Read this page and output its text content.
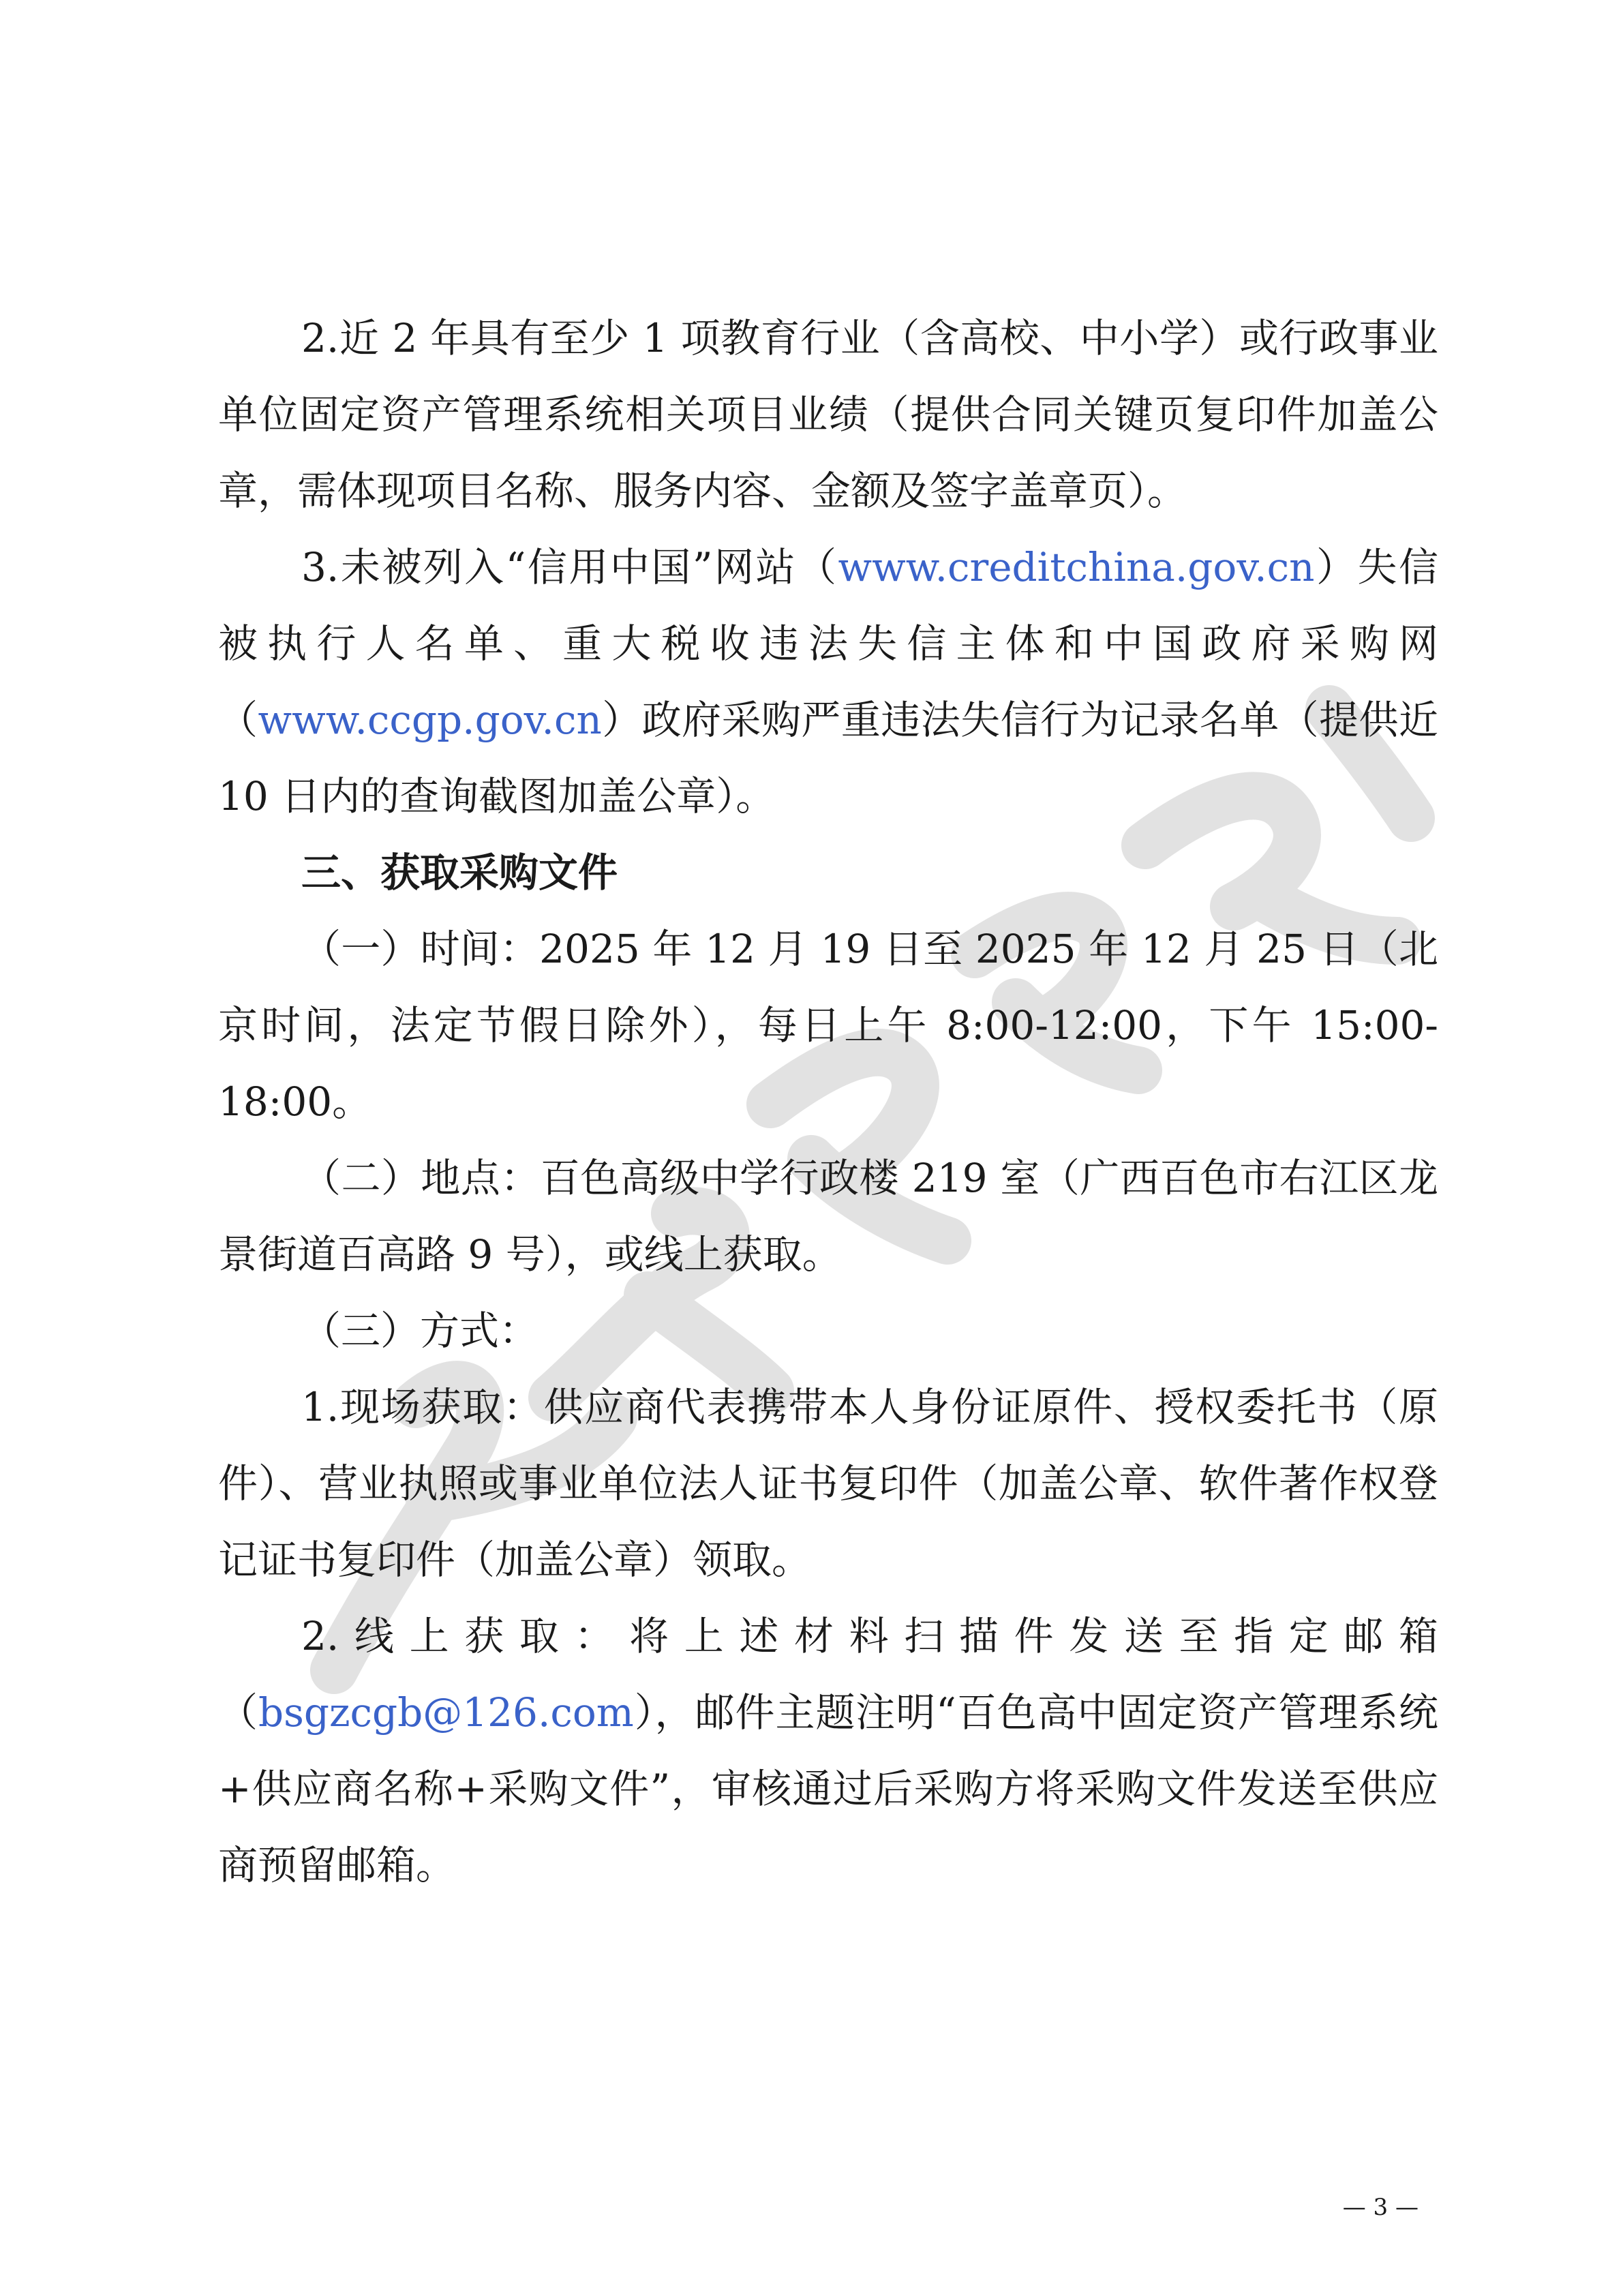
2.近 2 年具有至少 1 项教育行业（含高校、中小学）或行政事业单位固定资产管理系统相关项目业绩（提供合同关键页复印件加盖公章，需体现项目名称、服务内容、金额及签字盖章页）。

3.未被列入“信用中国”网站（www.creditchina.gov.cn）失信被执行人名单、重大税收违法失信主体和中国政府采购网（www.ccgp.gov.cn）政府采购严重违法失信行为记录名单（提供近 10 日内的查询截图加盖公章）。

三、获取采购文件

（一）时间：2025 年 12 月 19 日至 2025 年 12 月 25 日（北京时间，法定节假日除外），每日上午 8:00-12:00，下午 15:00-18:00。

（二）地点：百色高级中学行政楼 219 室（广西百色市右江区龙景街道百高路 9 号），或线上获取。

（三）方式：

1.现场获取：供应商代表携带本人身份证原件、授权委托书（原件）、营业执照或事业单位法人证书复印件（加盖公章、软件著作权登记证书复印件（加盖公章）领取。

2.线上获取：将上述材料扫描件发送至指定邮箱（bsgzcgb@126.com），邮件主题注明“百色高中固定资产管理系统+供应商名称+采购文件”，审核通过后采购方将采购文件发送至供应商预留邮箱。

— 3 —
